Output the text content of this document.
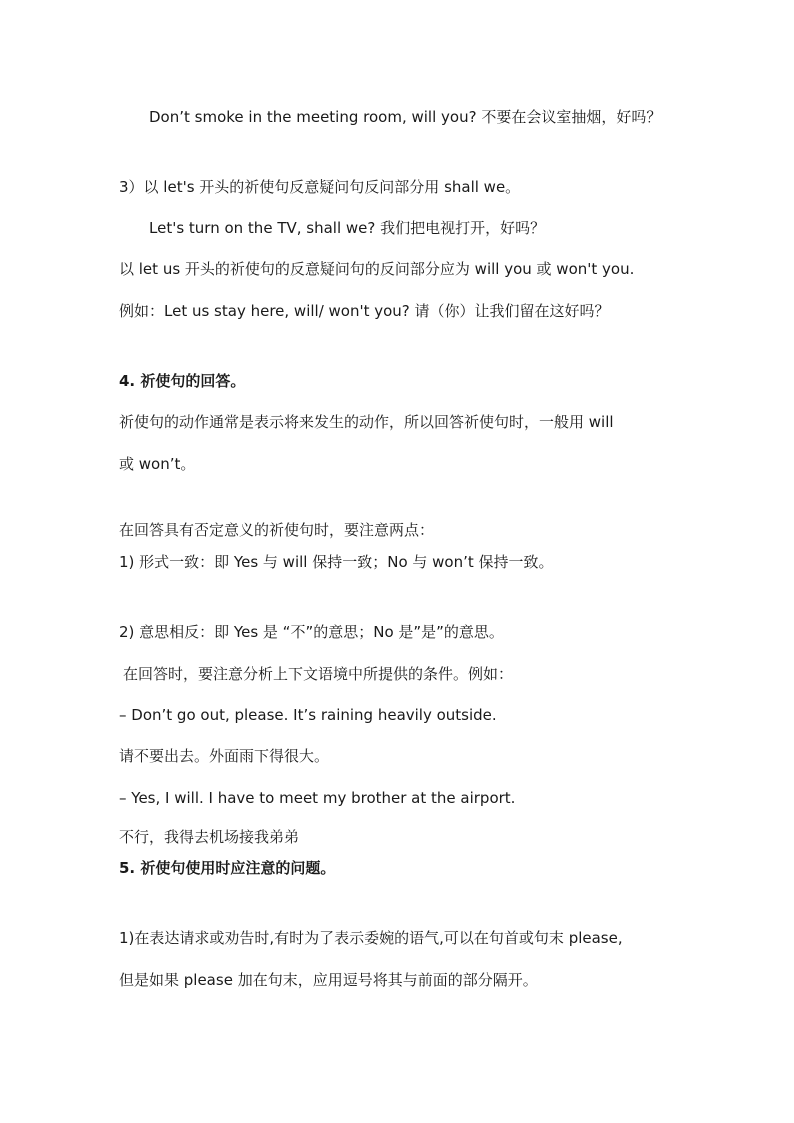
Don’t smoke in the meeting room, will you? 不要在会议室抽烟，好吗？
3）以 let's 开头的祈使句反意疑问句反问部分用 shall we。
Let's turn on the TV, shall we? 我们把电视打开，好吗？
以 let us 开头的祈使句的反意疑问句的反问部分应为 will you 或 won't you.
例如：Let us stay here, will/ won't you? 请（你）让我们留在这好吗？
4. 祈使句的回答。
祈使句的动作通常是表示将来发生的动作，所以回答祈使句时，一般用 will
或 won’t。
在回答具有否定意义的祈使句时，要注意两点：
1) 形式一致：即 Yes 与 will 保持一致；No 与 won’t 保持一致。
2) 意思相反：即 Yes 是 “不”的意思；No 是”是”的意思。
在回答时，要注意分析上下文语境中所提供的条件。例如：
– Don’t go out, please. It’s raining heavily outside.
请不要出去。外面雨下得很大。
– Yes, I will. I have to meet my brother at the airport.
不行，我得去机场接我弟弟
5. 祈使句使用时应注意的问题。
1)在表达请求或劝告时,有时为了表示委婉的语气,可以在句首或句末 please,
但是如果 please 加在句末，应用逗号将其与前面的部分隔开。
